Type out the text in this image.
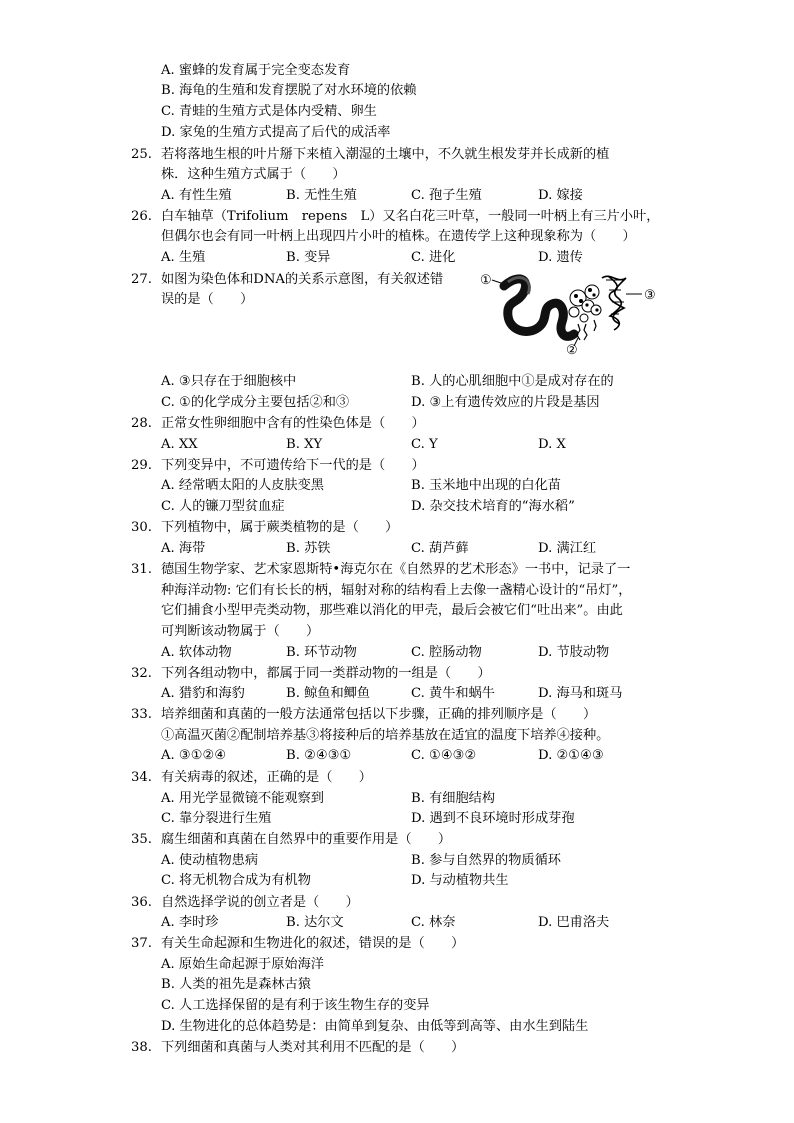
A. 蜜蜂的发育属于完全变态发育
B. 海龟的生殖和发育摆脱了对水环境的依赖
C. 青蛙的生殖方式是体内受精、卵生
D. 家兔的生殖方式提高了后代的成活率
25. 若将落地生根的叶片掰下来植入潮湿的土壤中，不久就生根发芽并长成新的植
株．这种生殖方式属于（　　）
A. 有性生殖	B. 无性生殖	C. 孢子生殖	D. 嫁接
26. 白车轴草（Trifolium　repens　L）又名白花三叶草，一般同一叶柄上有三片小叶，
但偶尔也会有同一叶柄上出现四片小叶的植株。在遗传学上这种现象称为（　　）
A. 生殖	B. 变异	C. 进化	D. 遗传
27. 如图为染色体和DNA的关系示意图，有关叙述错
误的是（　　）
①
②
③
A. ③只存在于细胞核中	B. 人的心肌细胞中①是成对存在的
C. ①的化学成分主要包括②和③	D. ③上有遗传效应的片段是基因
28. 正常女性卵细胞中含有的性染色体是（　　）
A. XX	B. XY	C. Y	D. X
29. 下列变异中，不可遗传给下一代的是（　　）
A. 经常晒太阳的人皮肤变黑	B. 玉米地中出现的白化苗
C. 人的镰刀型贫血症	D. 杂交技术培育的“海水稻”
30. 下列植物中，属于蕨类植物的是（　　）
A. 海带	B. 苏铁	C. 葫芦藓	D. 满江红
31. 德国生物学家、艺术家恩斯特•海克尔在《自然界的艺术形态》一书中，记录了一
种海洋动物: 它们有长长的柄，辐射对称的结构看上去像一盏精心设计的“吊灯”，
它们捕食小型甲壳类动物，那些难以消化的甲壳，最后会被它们“吐出来”。由此
可判断该动物属于（　　）
A. 软体动物	B. 环节动物	C. 腔肠动物	D. 节肢动物
32. 下列各组动物中，都属于同一类群动物的一组是（　　）
A. 猎豹和海豹	B. 鲸鱼和鲫鱼	C. 黄牛和蜗牛	D. 海马和斑马
33. 培养细菌和真菌的一般方法通常包括以下步骤，正确的排列顺序是（　　）
①高温灭菌②配制培养基③将接种后的培养基放在适宜的温度下培养④接种。
A. ③①②④	B. ②④③①	C. ①④③②	D. ②①④③
34. 有关病毒的叙述，正确的是（　　）
A. 用光学显微镜不能观察到	B. 有细胞结构
C. 靠分裂进行生殖	D. 遇到不良环境时形成芽孢
35. 腐生细菌和真菌在自然界中的重要作用是（　　）
A. 使动植物患病	B. 参与自然界的物质循环
C. 将无机物合成为有机物	D. 与动植物共生
36. 自然选择学说的创立者是（　　）
A. 李时珍	B. 达尔文	C. 林奈	D. 巴甫洛夫
37. 有关生命起源和生物进化的叙述，错误的是（　　）
A. 原始生命起源于原始海洋
B. 人类的祖先是森林古猿
C. 人工选择保留的是有利于该生物生存的变异
D. 生物进化的总体趋势是：由简单到复杂、由低等到高等、由水生到陆生
38. 下列细菌和真菌与人类对其利用不匹配的是（　　）
